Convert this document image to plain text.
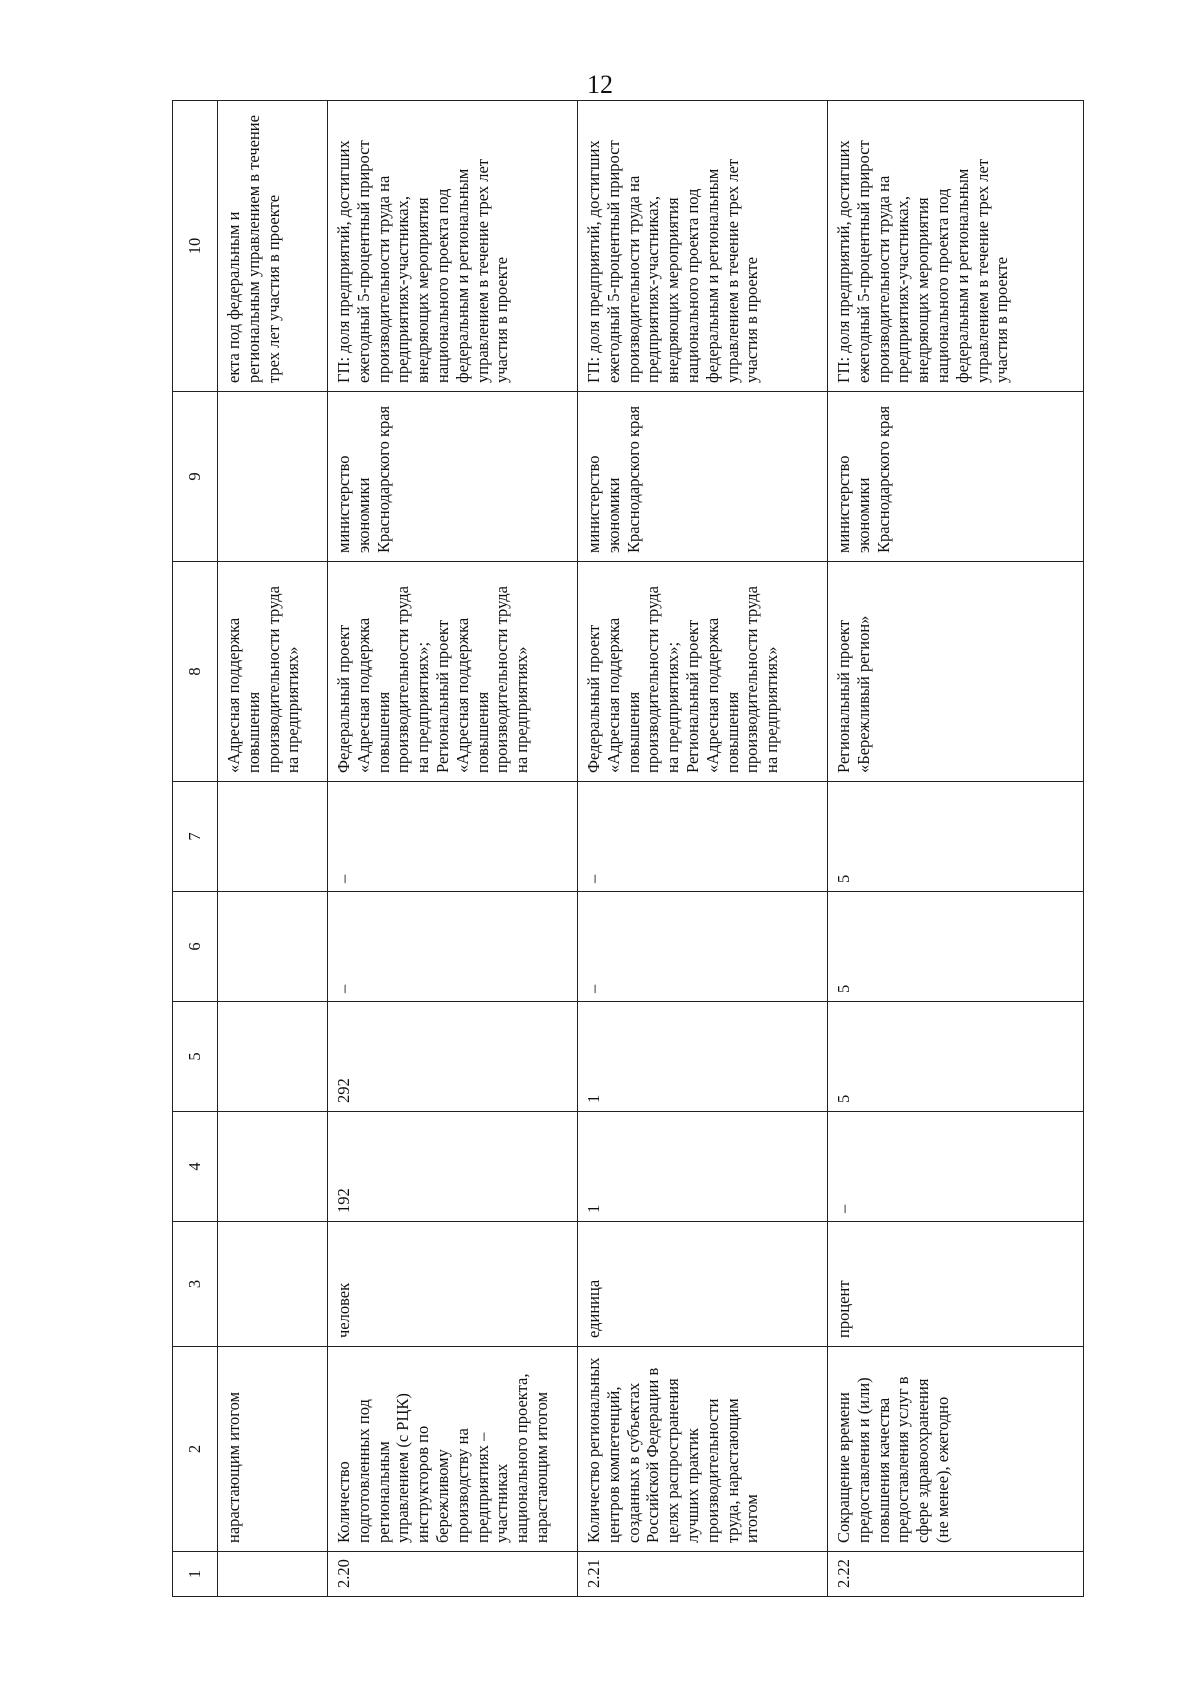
12
1	2	3	4	5	6	7	8	9	10
	нарастающим итогом						«Адресная поддержка повышения производительности труда на предприятиях»		екта под федеральным и региональным управлением в течение трех лет участия в проекте
2.20	Количество подготовленных под региональным управлением (с РЦК) инструкторов по бережливому производству на предприятиях – участниках национального проекта, нарастающим итогом	человек	192	292	–	–	Федеральный проект «Адресная поддержка повышения производительности труда на предприятиях»; Региональный проект «Адресная поддержка повышения производительности труда на предприятиях»	министерство экономики Краснодарского края	ГП: доля предприятий, достигших ежегодный 5-процентный прирост производительности труда на предприятиях-участниках, внедряющих мероприятия национального проекта под федеральным и региональным управлением в течение трех лет участия в проекте
2.21	Количество региональных центров компетенций, созданных в субъектах Российской Федерации в целях распространения лучших практик производительности труда, нарастающим итогом	единица	1	1	–	–	Федеральный проект «Адресная поддержка повышения производительности труда на предприятиях»; Региональный проект «Адресная поддержка повышения производительности труда на предприятиях»	министерство экономики Краснодарского края	ГП: доля предприятий, достигших ежегодный 5-процентный прирост производительности труда на предприятиях-участниках, внедряющих мероприятия национального проекта под федеральным и региональным управлением в течение трех лет участия в проекте
2.22	Сокращение времени предоставления и (или) повышения качества предоставления услуг в сфере здравоохранения (не менее), ежегодно	процент	–	5	5	5	Региональный проект «Бережливый регион»	министерство экономики Краснодарского края	ГП: доля предприятий, достигших ежегодный 5-процентный прирост производительности труда на предприятиях-участниках, внедряющих мероприятия национального проекта под федеральным и региональным управлением в течение трех лет участия в проекте
